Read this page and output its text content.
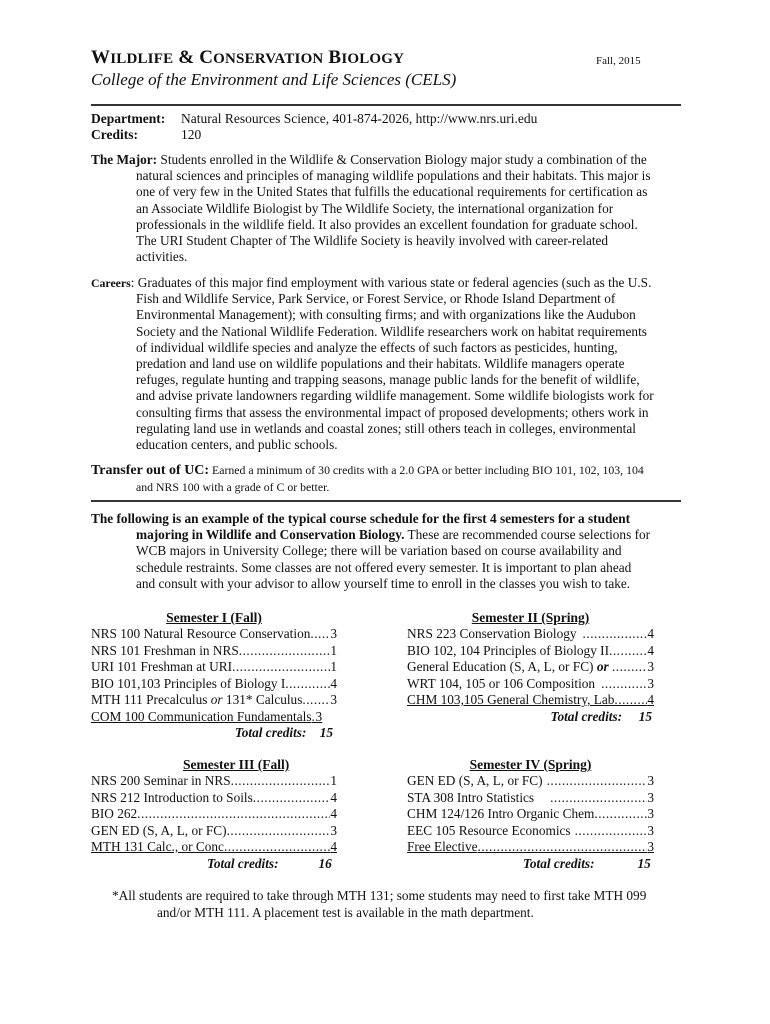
WILDLIFE & CONSERVATION BIOLOGY	Fall, 2015
College of the Environment and Life Sciences (CELS)
Department: Natural Resources Science, 401-874-2026, http://www.nrs.uri.edu
Credits:	120
The Major: Students enrolled in the Wildlife & Conservation Biology major study a combination of the
natural sciences and principles of managing wildlife populations and their habitats. This major is
one of very few in the United States that fulfills the educational requirements for certification as
an Associate Wildlife Biologist by The Wildlife Society, the international organization for
professionals in the wildlife field. It also provides an excellent foundation for graduate school.
The URI Student Chapter of The Wildlife Society is heavily involved with career-related
activities.
Careers: Graduates of this major find employment with various state or federal agencies (such as the U.S.
Fish and Wildlife Service, Park Service, or Forest Service, or Rhode Island Department of
Environmental Management); with consulting firms; and with organizations like the Audubon
Society and the National Wildlife Federation. Wildlife researchers work on habitat requirements
of individual wildlife species and analyze the effects of such factors as pesticides, hunting,
predation and land use on wildlife populations and their habitats. Wildlife managers operate
refuges, regulate hunting and trapping seasons, manage public lands for the benefit of wildlife,
and advise private landowners regarding wildlife management. Some wildlife biologists work for
consulting firms that assess the environmental impact of proposed developments; others work in
regulating land use in wetlands and coastal zones; still others teach in colleges, environmental
education centers, and public schools.
Transfer out of UC: Earned a minimum of 30 credits with a 2.0 GPA or better including BIO 101, 102, 103, 104
and NRS 100 with a grade of C or better.
The following is an example of the typical course schedule for the first 4 semesters for a student
majoring in Wildlife and Conservation Biology. These are recommended course selections for
WCB majors in University College; there will be variation based on course availability and
schedule restraints. Some classes are not offered every semester. It is important to plan ahead
and consult with your advisor to allow yourself time to enroll in the classes you wish to take.
Semester I (Fall)
NRS 100 Natural Resource Conservation ..... 3
NRS 101 Freshman in NRS .....	1
URI 101 Freshman at URI .....	1
BIO 101,103 Principles of Biology I .....	4
MTH 111 Precalculus or 131* Calculus ..... 3
COM 100 Communication Fundamentals ..... 3
Total credits: 15
Semester II (Spring)
NRS 223 Conservation Biology .....	4
BIO 102, 104 Principles of Biology II .....	4
General Education (S, A, L, or FC) or .....	3
WRT 104, 105 or 106 Composition .....	3
CHM 103,105 General Chemistry, Lab ..... 4
Total credits: 15
Semester III (Fall)
NRS 200 Seminar in NRS .....	1
NRS 212 Introduction to Soils .....	4
BIO 262 .....	4
GEN ED (S, A, L, or FC) .....	3
MTH 131 Calc., or Conc .....	4
Total credits:	16
Semester IV (Spring)
GEN ED (S, A, L, or FC) .....	3
STA 308 Intro Statistics .....	3
CHM 124/126 Intro Organic Chem .....	3
EEC 105 Resource Economics .....	3
Free Elective .....	3
Total credits:	15
*All students are required to take through MTH 131; some students may need to first take MTH 099
and/or MTH 111. A placement test is available in the math department.
